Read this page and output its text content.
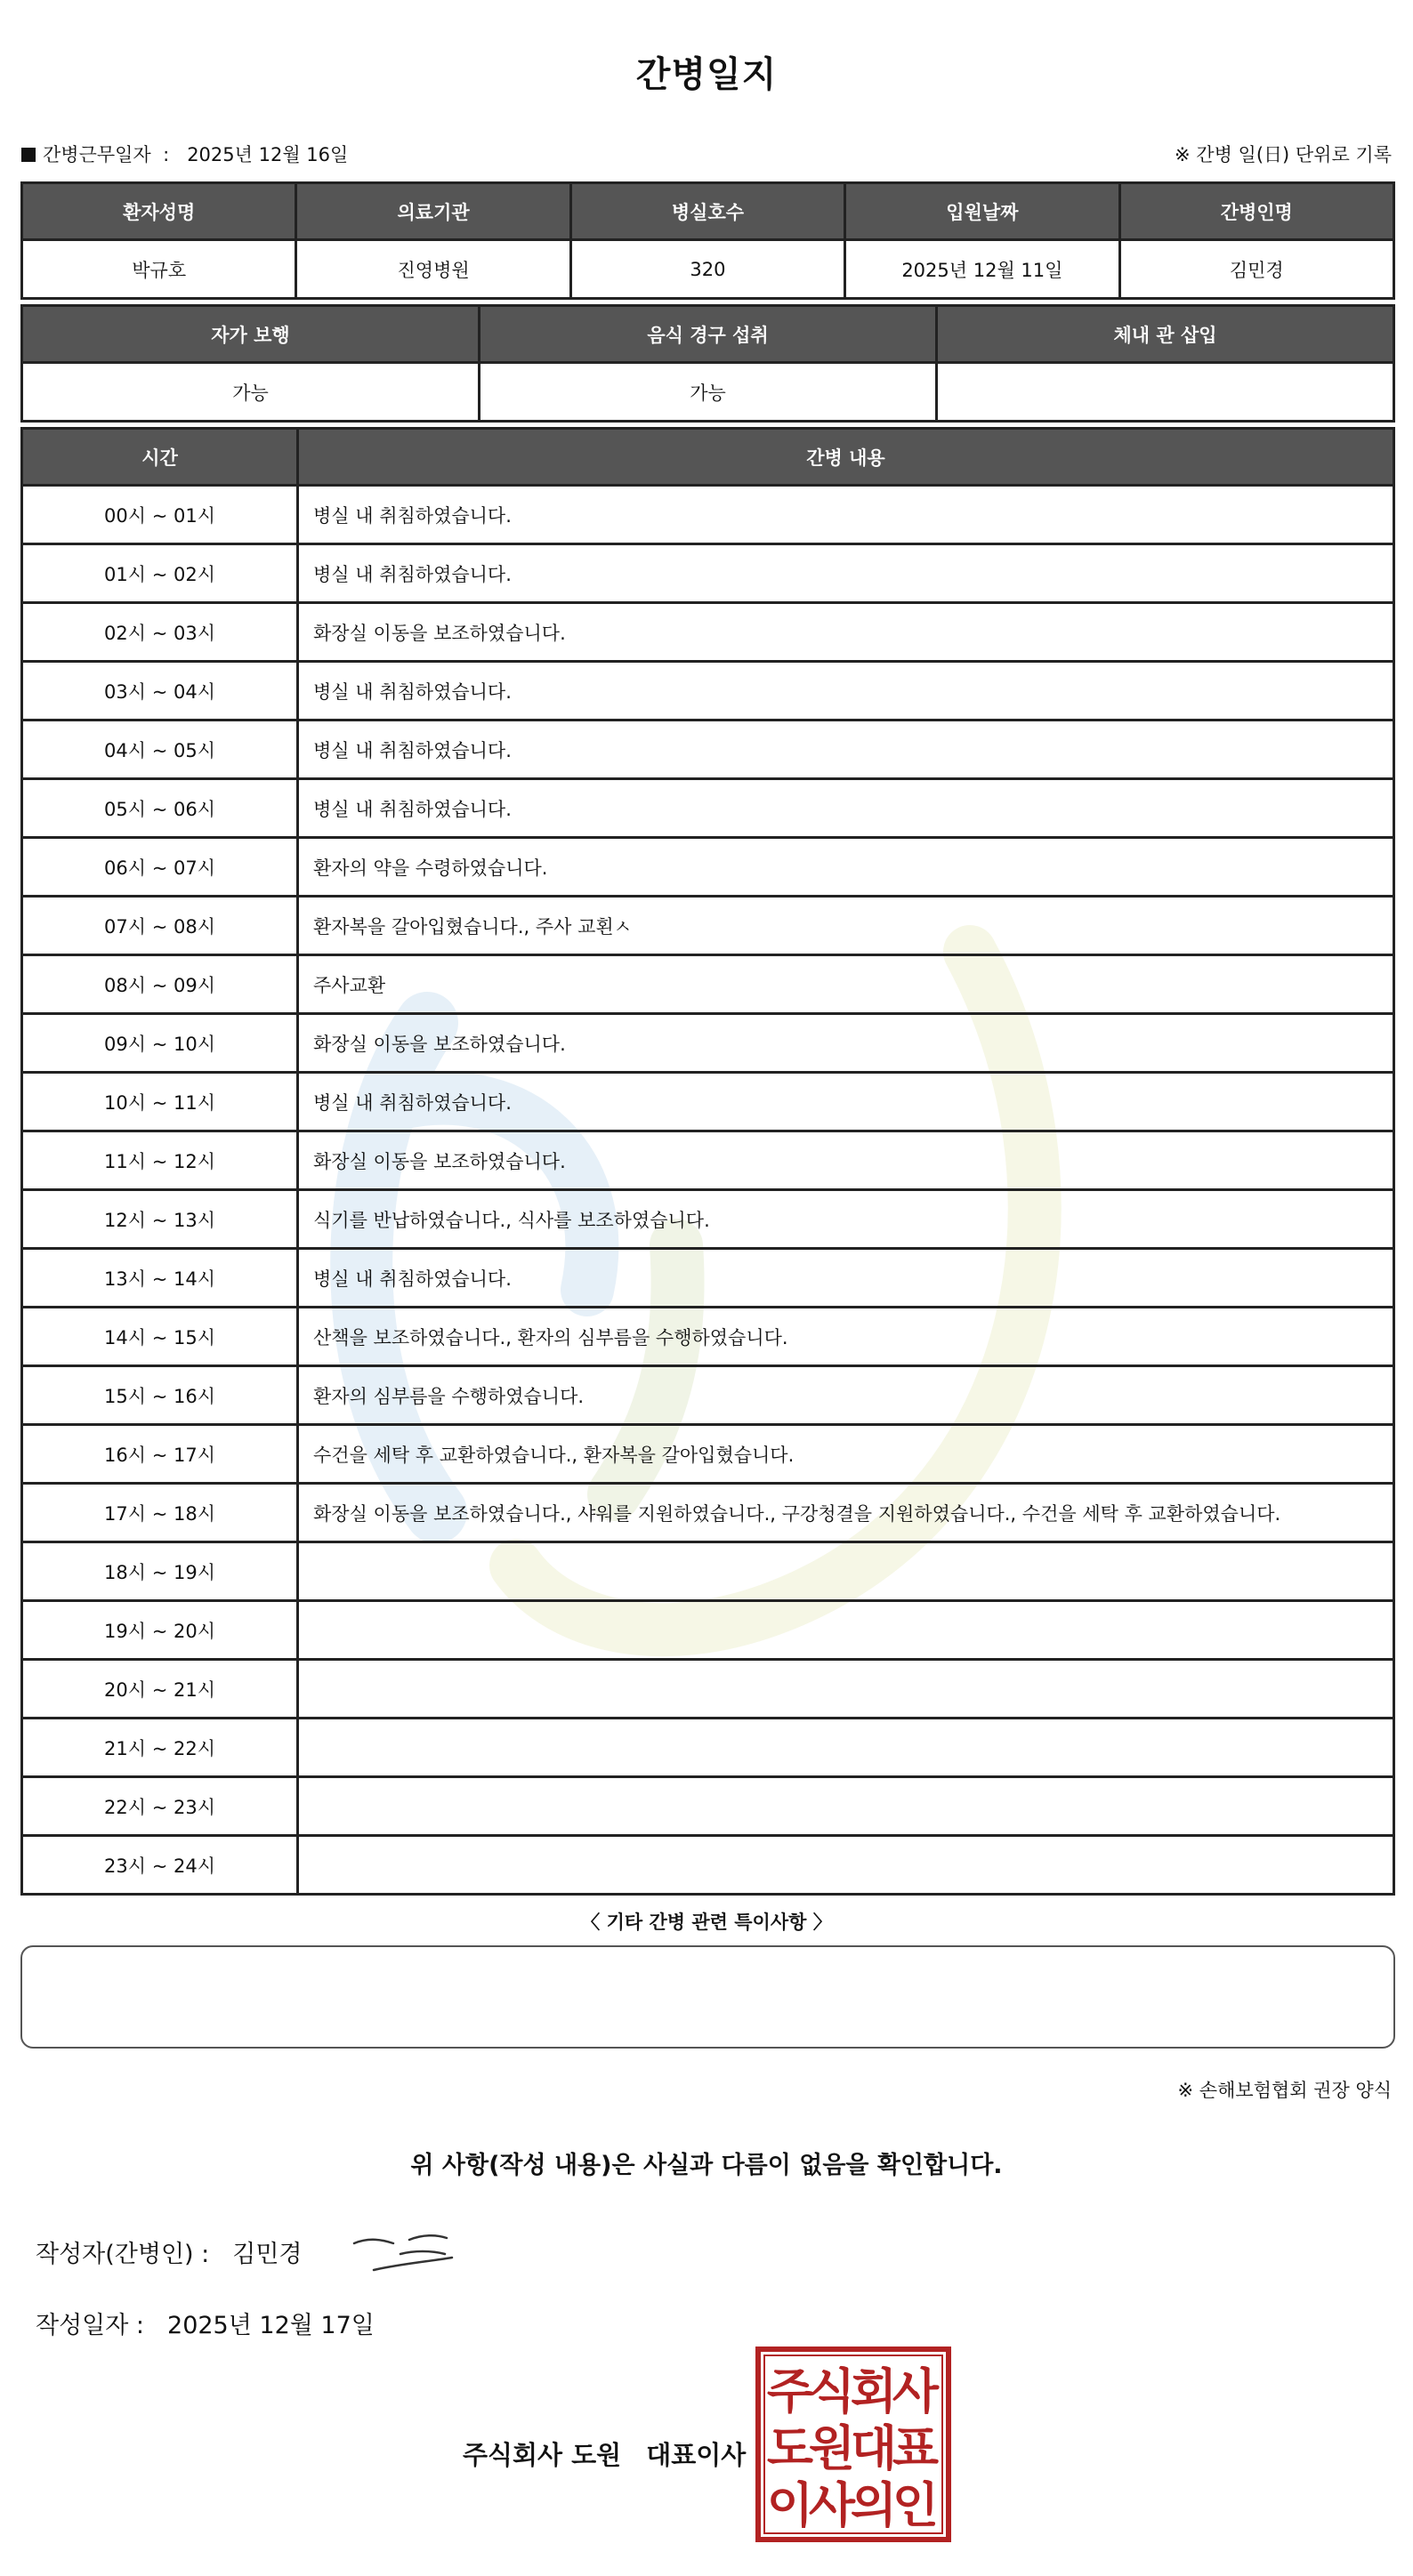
간병일지
간병근무일자 : 2025년 12월 16일	※ 간병 일(日) 단위로 기록
환자성명	의료기관	병실호수	입원날짜	간병인명
박규호	진영병원	320	2025년 12월 11일	김민경
자가 보행	음식 경구 섭취	체내 관 삽입
가능	가능	
시간	간병 내용
00시 ~ 01시	병실 내 취침하였습니다.
01시 ~ 02시	병실 내 취침하였습니다.
02시 ~ 03시	화장실 이동을 보조하였습니다.
03시 ~ 04시	병실 내 취침하였습니다.
04시 ~ 05시	병실 내 취침하였습니다.
05시 ~ 06시	병실 내 취침하였습니다.
06시 ~ 07시	환자의 약을 수령하였습니다.
07시 ~ 08시	환자복을 갈아입혔습니다., 주사 교횐ㅅ
08시 ~ 09시	주사교환
09시 ~ 10시	화장실 이동을 보조하였습니다.
10시 ~ 11시	병실 내 취침하였습니다.
11시 ~ 12시	화장실 이동을 보조하였습니다.
12시 ~ 13시	식기를 반납하였습니다., 식사를 보조하였습니다.
13시 ~ 14시	병실 내 취침하였습니다.
14시 ~ 15시	산책을 보조하였습니다., 환자의 심부름을 수행하였습니다.
15시 ~ 16시	환자의 심부름을 수행하였습니다.
16시 ~ 17시	수건을 세탁 후 교환하였습니다., 환자복을 갈아입혔습니다.
17시 ~ 18시	화장실 이동을 보조하였습니다., 샤워를 지원하였습니다., 구강청결을 지원하였습니다., 수건을 세탁 후 교환하였습니다.
18시 ~ 19시	
19시 ~ 20시	
20시 ~ 21시	
21시 ~ 22시	
22시 ~ 23시	
23시 ~ 24시	
〈 기타 간병 관련 특이사항 〉
※ 손해보험협회 권장 양식
위 사항(작성 내용)은 사실과 다름이 없음을 확인합니다.
작성자(간병인) : 김민경
작성일자 : 2025년 12월 17일
주식회사 도원 대표이사
주
식
회
사
도
원
대
표
이
사
의
인
